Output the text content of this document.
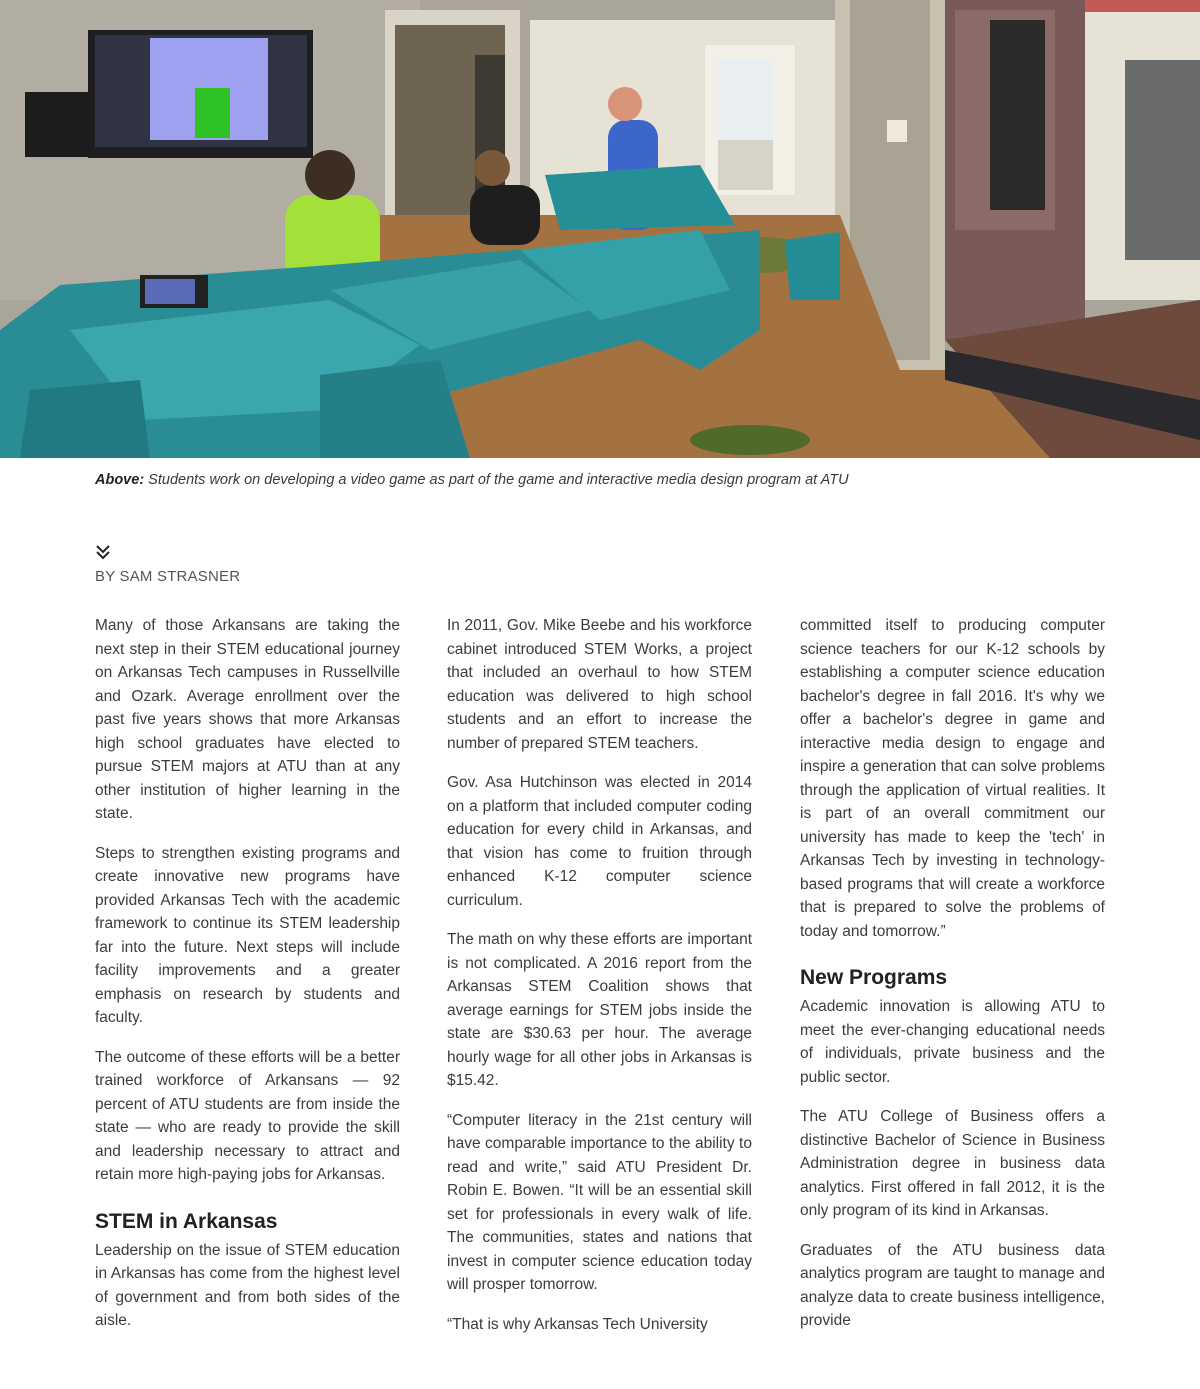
Above: Students work on developing a video game as part of the game and interactive media design program at ATU
BY SAM STRASNER

Many of those Arkansans are taking the next step in their STEM educational journey on Arkansas Tech campuses in Russellville and Ozark. Average enrollment over the past five years shows that more Arkansas high school graduates have elected to pursue STEM majors at ATU than at any other institution of higher learning in the state.

Steps to strengthen existing programs and create innovative new programs have provided Arkansas Tech with the academic framework to continue its STEM leadership far into the future. Next steps will include facility improvements and a greater emphasis on research by students and faculty.

The outcome of these efforts will be a better trained workforce of Arkansans — 92 percent of ATU students are from inside the state — who are ready to provide the skill and leadership necessary to attract and retain more high-paying jobs for Arkansas.

STEM in Arkansas

Leadership on the issue of STEM education in Arkansas has come from the highest level of government and from both sides of the aisle.

In 2011, Gov. Mike Beebe and his workforce cabinet introduced STEM Works, a project that included an overhaul to how STEM education was delivered to high school students and an effort to increase the number of prepared STEM teachers.

Gov. Asa Hutchinson was elected in 2014 on a platform that included computer coding education for every child in Arkansas, and that vision has come to fruition through enhanced K-12 computer science curriculum.

The math on why these efforts are important is not complicated. A 2016 report from the Arkansas STEM Coalition shows that average earnings for STEM jobs inside the state are $30.63 per hour. The average hourly wage for all other jobs in Arkansas is $15.42.

“Computer literacy in the 21st century will have comparable importance to the ability to read and write,” said ATU President Dr. Robin E. Bowen. “It will be an essential skill set for professionals in every walk of life. The communities, states and nations that invest in computer science education today will prosper tomorrow.

“That is why Arkansas Tech University

committed itself to producing computer science teachers for our K-12 schools by establishing a computer science education bachelor's degree in fall 2016. It's why we offer a bachelor's degree in game and interactive media design to engage and inspire a generation that can solve problems through the application of virtual realities. It is part of an overall commitment our university has made to keep the 'tech' in Arkansas Tech by investing in technology-based programs that will create a workforce that is prepared to solve the problems of today and tomorrow.”

New Programs

Academic innovation is allowing ATU to meet the ever-changing educational needs of individuals, private business and the public sector.

The ATU College of Business offers a distinctive Bachelor of Science in Business Administration degree in business data analytics. First offered in fall 2012, it is the only program of its kind in Arkansas.

Graduates of the ATU business data analytics program are taught to manage and analyze data to create business intelligence, provide
